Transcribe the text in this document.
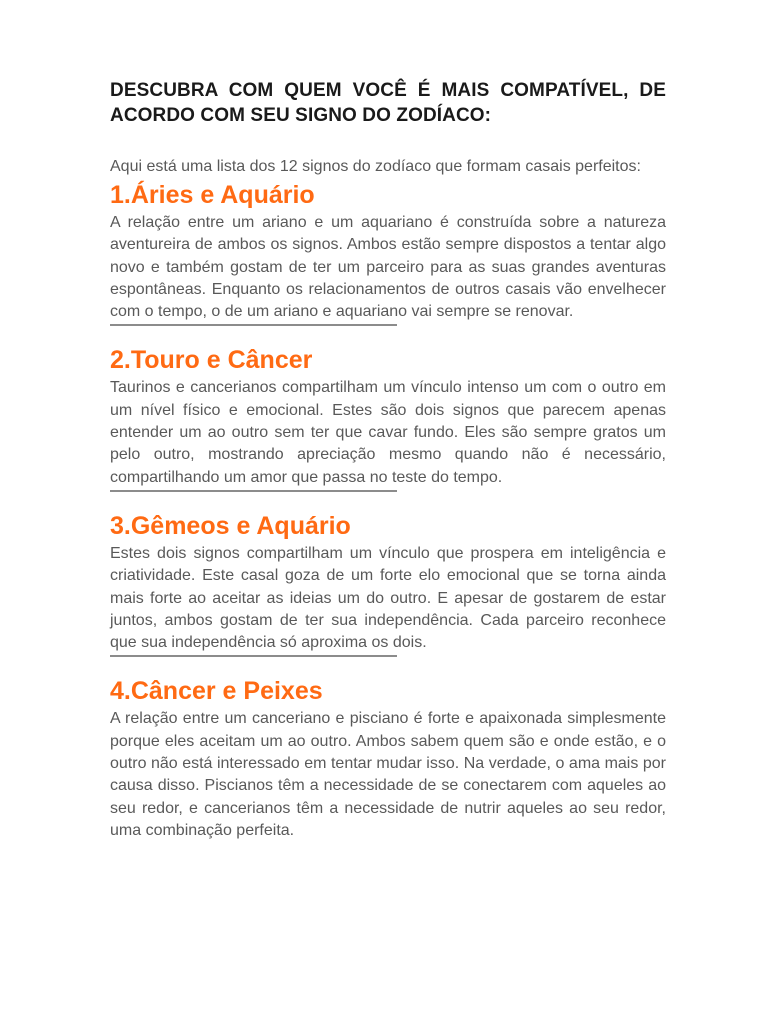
DESCUBRA COM QUEM VOCÊ É MAIS COMPATÍVEL, DE ACORDO COM SEU SIGNO DO ZODÍACO:

Aqui está uma lista dos 12 signos do zodíaco que formam casais perfeitos:

1.Áries e Aquário

A relação entre um ariano e um aquariano é construída sobre a natureza aventureira de ambos os signos. Ambos estão sempre dispostos a tentar algo novo e também gostam de ter um parceiro para as suas grandes aventuras espontâneas. Enquanto os relacionamentos de outros casais vão envelhecer com o tempo, o de um ariano e aquariano vai sempre se renovar.

2.Touro e Câncer

Taurinos e cancerianos compartilham um vínculo intenso um com o outro em um nível físico e emocional. Estes são dois signos que parecem apenas entender um ao outro sem ter que cavar fundo. Eles são sempre gratos um pelo outro, mostrando apreciação mesmo quando não é necessário, compartilhando um amor que passa no teste do tempo.

3.Gêmeos e Aquário

Estes dois signos compartilham um vínculo que prospera em inteligência e criatividade. Este casal goza de um forte elo emocional que se torna ainda mais forte ao aceitar as ideias um do outro. E apesar de gostarem de estar juntos, ambos gostam de ter sua independência. Cada parceiro reconhece que sua independência só aproxima os dois.

4.Câncer e Peixes

A relação entre um canceriano e pisciano é forte e apaixonada simplesmente porque eles aceitam um ao outro. Ambos sabem quem são e onde estão, e o outro não está interessado em tentar mudar isso. Na verdade, o ama mais por causa disso. Piscianos têm a necessidade de se conectarem com aqueles ao seu redor, e cancerianos têm a necessidade de nutrir aqueles ao seu redor, uma combinação perfeita.
